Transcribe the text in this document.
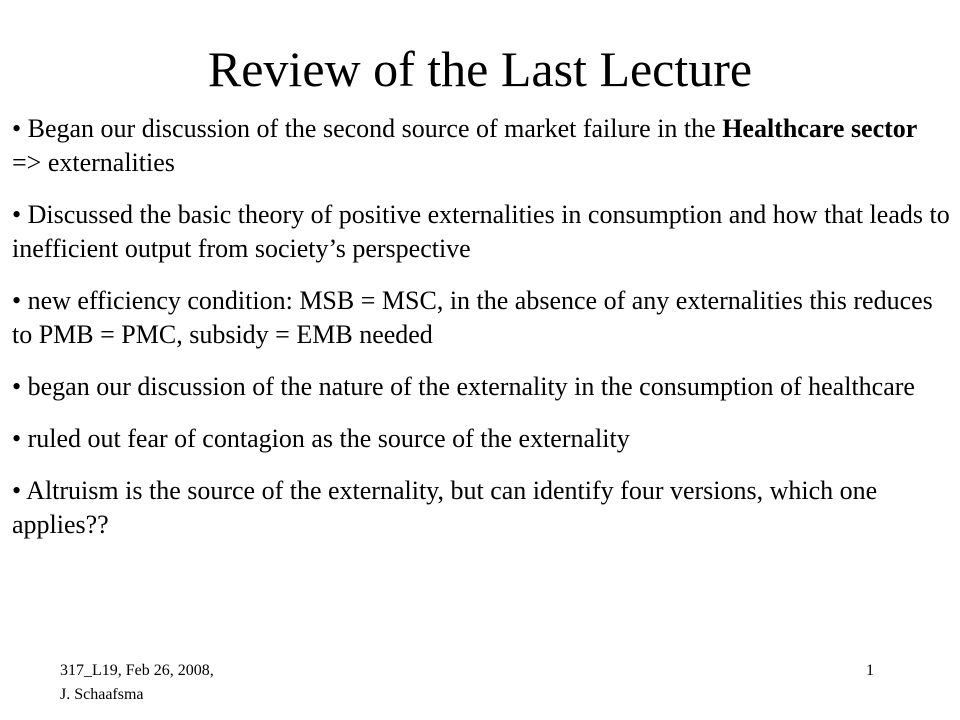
Review of the Last Lecture
• Began our discussion of the second source of market failure in the Healthcare sector => externalities
• Discussed the basic theory of positive externalities in consumption and how that leads to inefficient output from society’s perspective
• new efficiency condition: MSB = MSC, in the absence of any externalities this reduces to PMB = PMC, subsidy = EMB needed
• began our discussion of the nature of the externality in the consumption of healthcare
• ruled out fear of contagion as the source of the externality
• Altruism is the source of the externality, but can identify four versions, which one applies??
317_L19, Feb 26, 2008,
J. Schaafsma
1
